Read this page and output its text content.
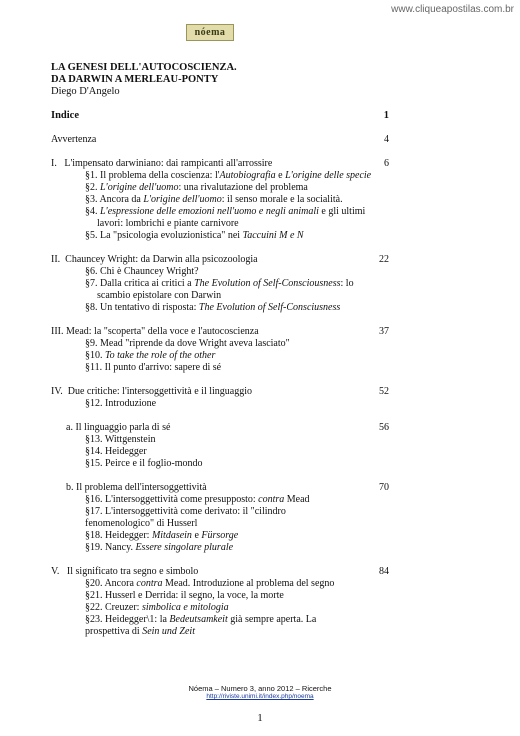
www.cliqueapostilas.com.br
nóema
LA GENESI DELL'AUTOCOSCIENZA.
DA DARWIN A MERLEAU-PONTY
Diego D'Angelo
Indice	1
Avvertenza
I.   L'impensato darwiniano: dai rampicanti all'arrossire
§1. Il problema della coscienza: l'Autobiografia e L'origine delle specie
§2. L'origine dell'uomo: una rivalutazione del problema
§3. Ancora da L'origine dell'uomo: il senso morale e la socialità.
§4. L'espressione delle emozioni nell'uomo e negli animali e gli ultimi
lavori: lombrichi e piante carnivore
§5. La "psicologia evoluzionistica" nei Taccuini M e N
II.  Chauncey Wright: da Darwin alla psicozoologia
§6. Chi è Chauncey Wright?
§7. Dalla critica ai critici a The Evolution of Self-Consciousness: lo
scambio epistolare con Darwin
§8. Un tentativo di risposta: The Evolution of Self-Consciusness
III. Mead: la "scoperta" della voce e l'autocoscienza
§9. Mead "riprende da dove Wright aveva lasciato"
§10. To take the role of the other
§11. Il punto d'arrivo: sapere di sé
IV.  Due critiche: l'intersoggettività e il linguaggio
§12. Introduzione
a. Il linguaggio parla di sé
§13. Wittgenstein
§14. Heidegger
§15. Peirce e il foglio-mondo
b. Il problema dell'intersoggettività
§16. L'intersoggettività come presupposto: contra Mead
§17. L'intersoggettività come derivato: il "cilindro
fenomenologico" di Husserl
§18. Heidegger: Mitdasein e Fürsorge
§19. Nancy. Essere singolare plurale
V.   Il significato tra segno e simbolo
§20. Ancora contra Mead. Introduzione al problema del segno
§21. Husserl e Derrida: il segno, la voce, la morte
§22. Creuzer: simbolica e mitologia
§23. Heidegger\1: la Bedeutsamkeit già sempre aperta. La
prospettiva di Sein und Zeit
4
6
22
37
52
56
70
84
Nóema – Numero 3, anno 2012 – Ricerche
http://riviste.unimi.it/index.php/noema
1
